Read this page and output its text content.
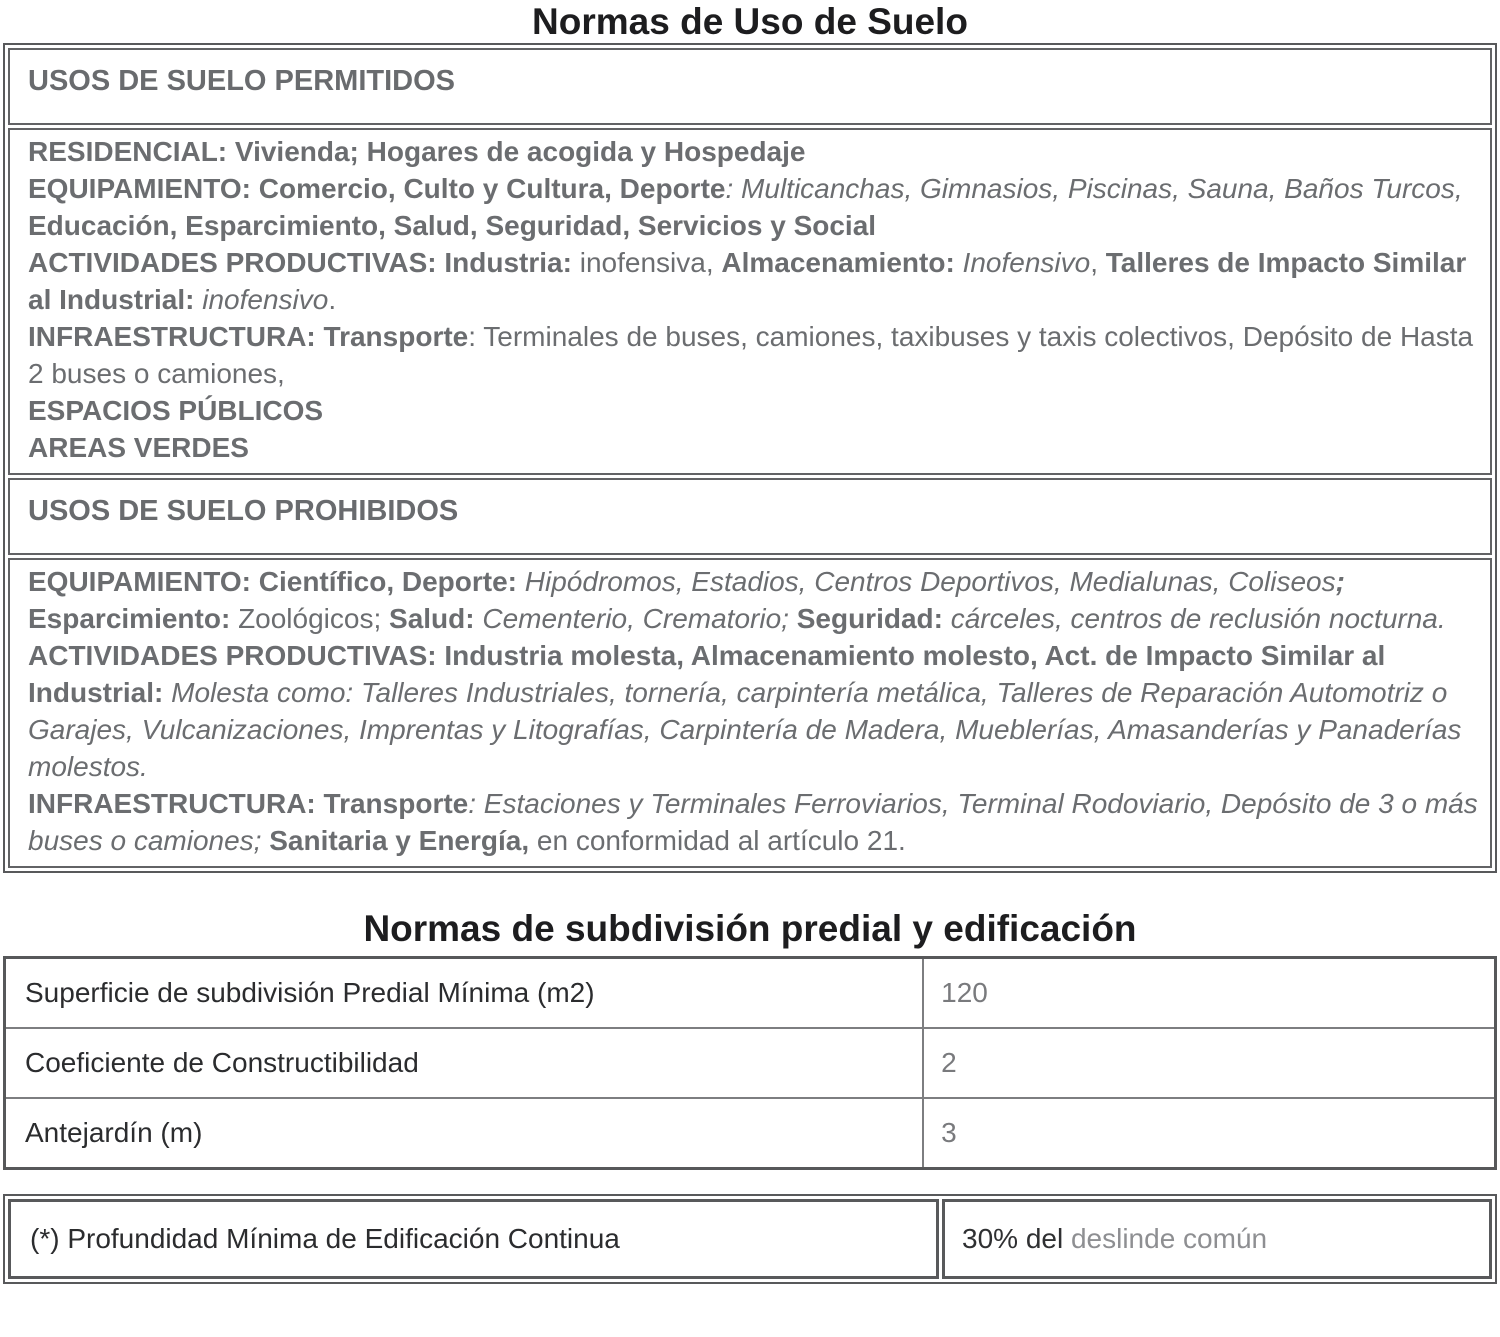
Normas de Uso de Suelo
USOS DE SUELO PERMITIDOS

RESIDENCIAL: Vivienda; Hogares de acogida y Hospedaje

EQUIPAMIENTO: Comercio, Culto y Cultura, Deporte: Multicanchas, Gimnasios, Piscinas, Sauna, Baños Turcos, Educación, Esparcimiento, Salud, Seguridad, Servicios y Social

ACTIVIDADES PRODUCTIVAS: Industria: inofensiva, Almacenamiento: Inofensivo, Talleres de Impacto Similar al Industrial: inofensivo.

INFRAESTRUCTURA: Transporte: Terminales de buses, camiones, taxibuses y taxis colectivos, Depósito de Hasta 2 buses o camiones,

ESPACIOS PÚBLICOS

AREAS VERDES

USOS DE SUELO PROHIBIDOS

EQUIPAMIENTO: Científico, Deporte: Hipódromos, Estadios, Centros Deportivos, Medialunas, Coliseos; Esparcimiento: Zoológicos; Salud: Cementerio, Crematorio; Seguridad: cárceles, centros de reclusión nocturna.

ACTIVIDADES PRODUCTIVAS: Industria molesta, Almacenamiento molesto, Act. de Impacto Similar al Industrial: Molesta como: Talleres Industriales, tornería, carpintería metálica, Talleres de Reparación Automotriz o Garajes, Vulcanizaciones, Imprentas y Litografías, Carpintería de Madera, Mueblerías, Amasanderías y Panaderías molestos.

INFRAESTRUCTURA: Transporte: Estaciones y Terminales Ferroviarios, Terminal Rodoviario, Depósito de 3 o más buses o camiones; Sanitaria y Energía, en conformidad al artículo 21.

Normas de subdivisión predial y edificación
Superficie de subdivisión Predial Mínima (m2)	120
Coeficiente de Constructibilidad	2
Antejardín (m)	3
(*) Profundidad Mínima de Edificación Continua	30% del deslinde común
